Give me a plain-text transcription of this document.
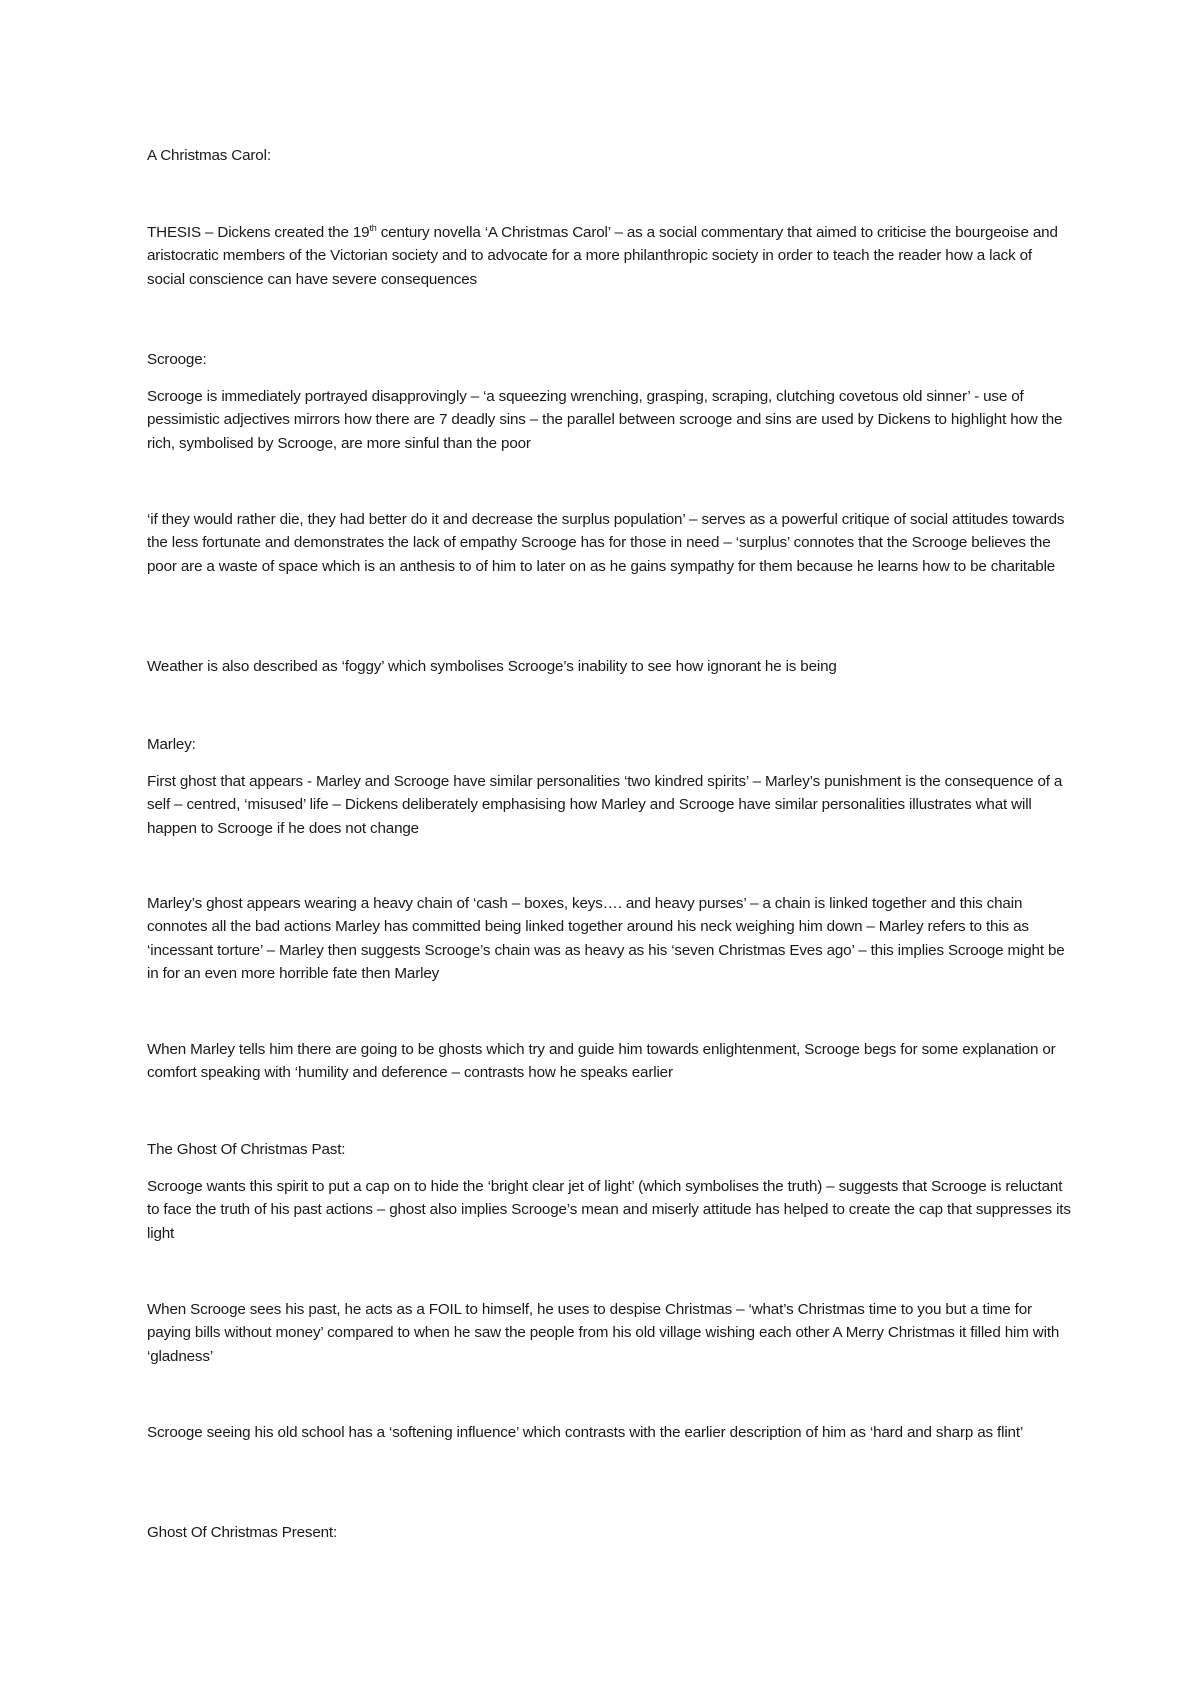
A Christmas Carol:

THESIS – Dickens created the 19th century novella ‘A Christmas Carol’ – as a social commentary that aimed to criticise the bourgeoise and aristocratic members of the Victorian society and to advocate for a more philanthropic society in order to teach the reader how a lack of social conscience can have severe consequences

Scrooge:

Scrooge is immediately portrayed disapprovingly – ‘a squeezing wrenching, grasping, scraping, clutching covetous old sinner’ - use of pessimistic adjectives mirrors how there are 7 deadly sins – the parallel between scrooge and sins are used by Dickens to highlight how the rich, symbolised by Scrooge, are more sinful than the poor

‘if they would rather die, they had better do it and decrease the surplus population’ – serves as a powerful critique of social attitudes towards the less fortunate and demonstrates the lack of empathy Scrooge has for those in need – ‘surplus’ connotes that the Scrooge believes the poor are a waste of space which is an anthesis to of him to later on as he gains sympathy for them because he learns how to be charitable

Weather is also described as ‘foggy’ which symbolises Scrooge’s inability to see how ignorant he is being

Marley:

First ghost that appears - Marley and Scrooge have similar personalities ‘two kindred spirits’ – Marley’s punishment is the consequence of a self – centred, ‘misused’ life – Dickens deliberately emphasising how Marley and Scrooge have similar personalities illustrates what will happen to Scrooge if he does not change

Marley’s ghost appears wearing a heavy chain of ‘cash – boxes, keys…. and heavy purses’ – a chain is linked together and this chain connotes all the bad actions Marley has committed being linked together around his neck weighing him down – Marley refers to this as ‘incessant torture’ – Marley then suggests Scrooge’s chain was as heavy as his ‘seven Christmas Eves ago’ – this implies Scrooge might be in for an even more horrible fate then Marley

When Marley tells him there are going to be ghosts which try and guide him towards enlightenment, Scrooge begs for some explanation or comfort speaking with ‘humility and deference – contrasts how he speaks earlier

The Ghost Of Christmas Past:

Scrooge wants this spirit to put a cap on to hide the ‘bright clear jet of light’ (which symbolises the truth) – suggests that Scrooge is reluctant to face the truth of his past actions – ghost also implies Scrooge’s mean and miserly attitude has helped to create the cap that suppresses its light

When Scrooge sees his past, he acts as a FOIL to himself, he uses to despise Christmas – ‘what’s Christmas time to you but a time for paying bills without money’ compared to when he saw the people from his old village wishing each other A Merry Christmas it filled him with ‘gladness’

Scrooge seeing his old school has a ‘softening influence’ which contrasts with the earlier description of him as ‘hard and sharp as flint’

Ghost Of Christmas Present:
